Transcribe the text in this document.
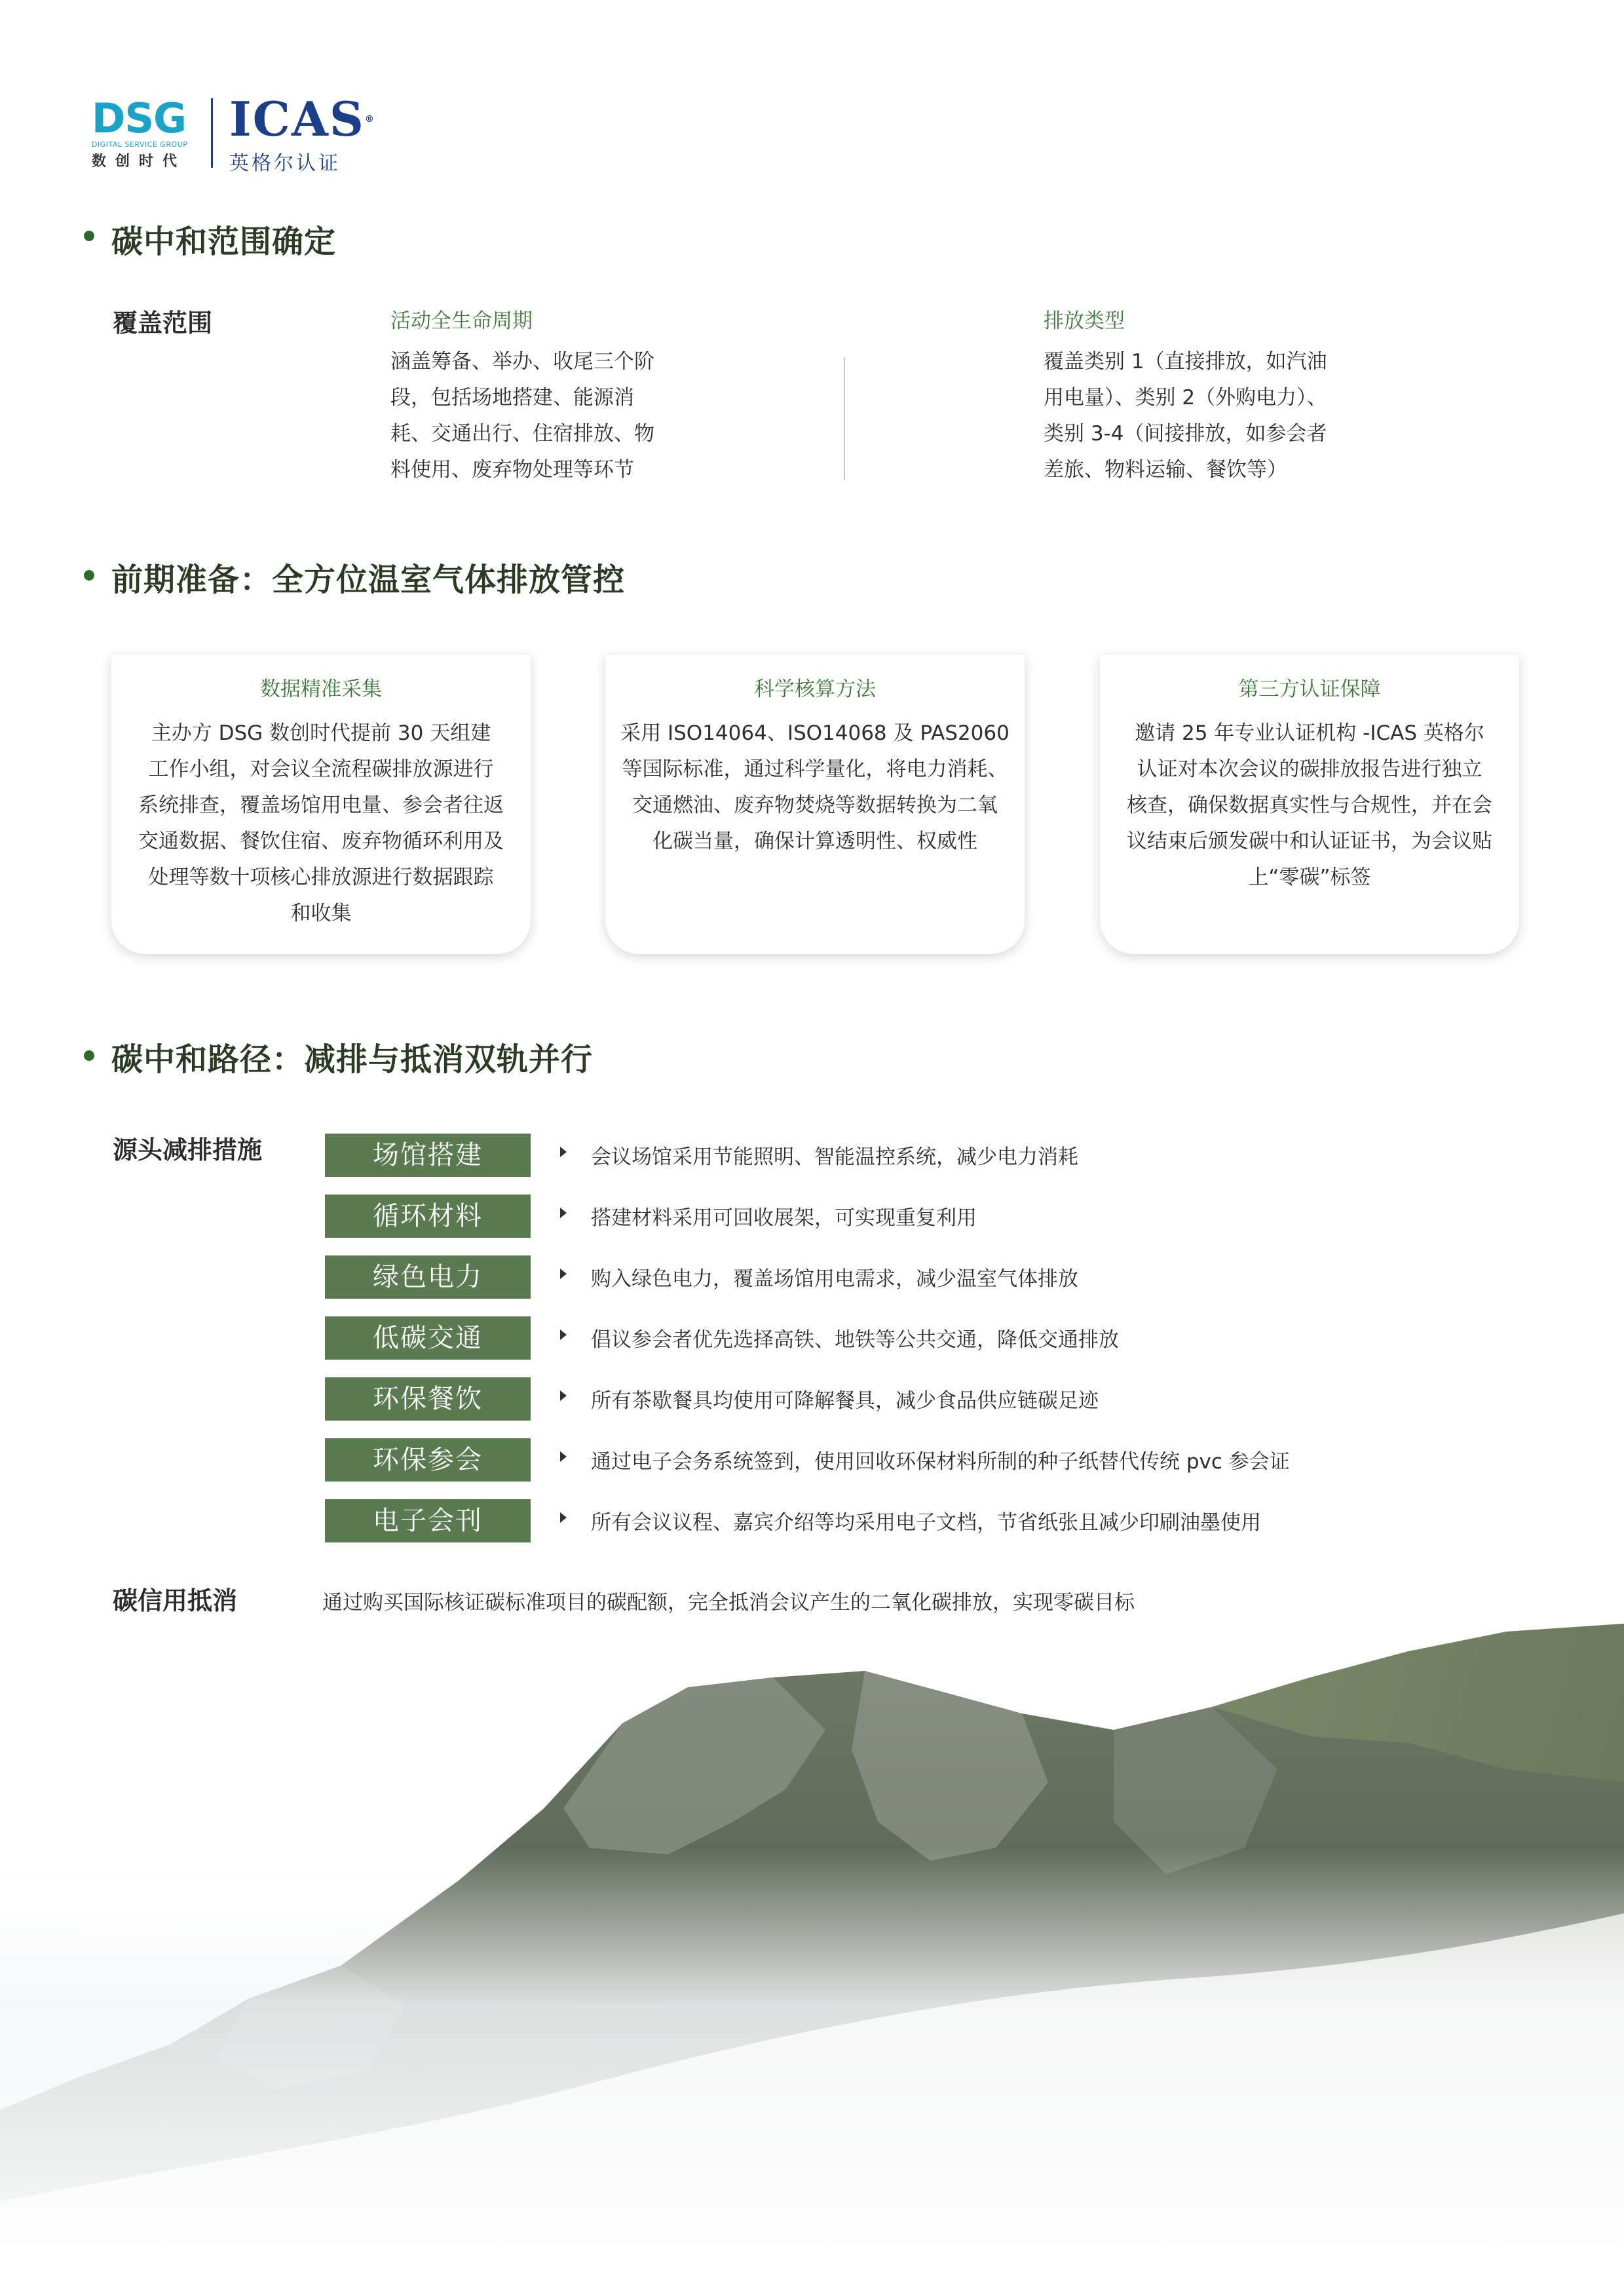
DSG
DIGITAL SERVICE GROUP
数创时代
ICAS®
英格尔认证
碳中和范围确定
覆盖范围	活动全生命周期
涵盖筹备、举办、收尾三个阶
段，包括场地搭建、能源消
耗、交通出行、住宿排放、物
料使用、废弃物处理等环节
排放类型
覆盖类别 1（直接排放，如汽油
用电量）、类别 2（外购电力）、
类别 3-4（间接排放，如参会者
差旅、物料运输、餐饮等）
前期准备：全方位温室气体排放管控
数据精准采集
主办方 DSG 数创时代提前 30 天组建
工作小组，对会议全流程碳排放源进行
系统排查，覆盖场馆用电量、参会者往返
交通数据、餐饮住宿、废弃物循环利用及
处理等数十项核心排放源进行数据跟踪
和收集
科学核算方法
采用 ISO14064、ISO14068 及 PAS2060
等国际标准，通过科学量化，将电力消耗、
交通燃油、废弃物焚烧等数据转换为二氧
化碳当量，确保计算透明性、权威性
第三方认证保障
邀请 25 年专业认证机构 -ICAS 英格尔
认证对本次会议的碳排放报告进行独立
核查，确保数据真实性与合规性，并在会
议结束后颁发碳中和认证证书，为会议贴
上“零碳”标签
碳中和路径：减排与抵消双轨并行
源头减排措施	场馆搭建	会议场馆采用节能照明、智能温控系统，减少电力消耗
循环材料	搭建材料采用可回收展架，可实现重复利用
绿色电力	购入绿色电力，覆盖场馆用电需求，减少温室气体排放
低碳交通	倡议参会者优先选择高铁、地铁等公共交通，降低交通排放
环保餐饮	所有茶歇餐具均使用可降解餐具，减少食品供应链碳足迹
环保参会	通过电子会务系统签到，使用回收环保材料所制的种子纸替代传统 pvc 参会证
电子会刊	所有会议议程、嘉宾介绍等均采用电子文档，节省纸张且减少印刷油墨使用
碳信用抵消	通过购买国际核证碳标准项目的碳配额，完全抵消会议产生的二氧化碳排放，实现零碳目标
